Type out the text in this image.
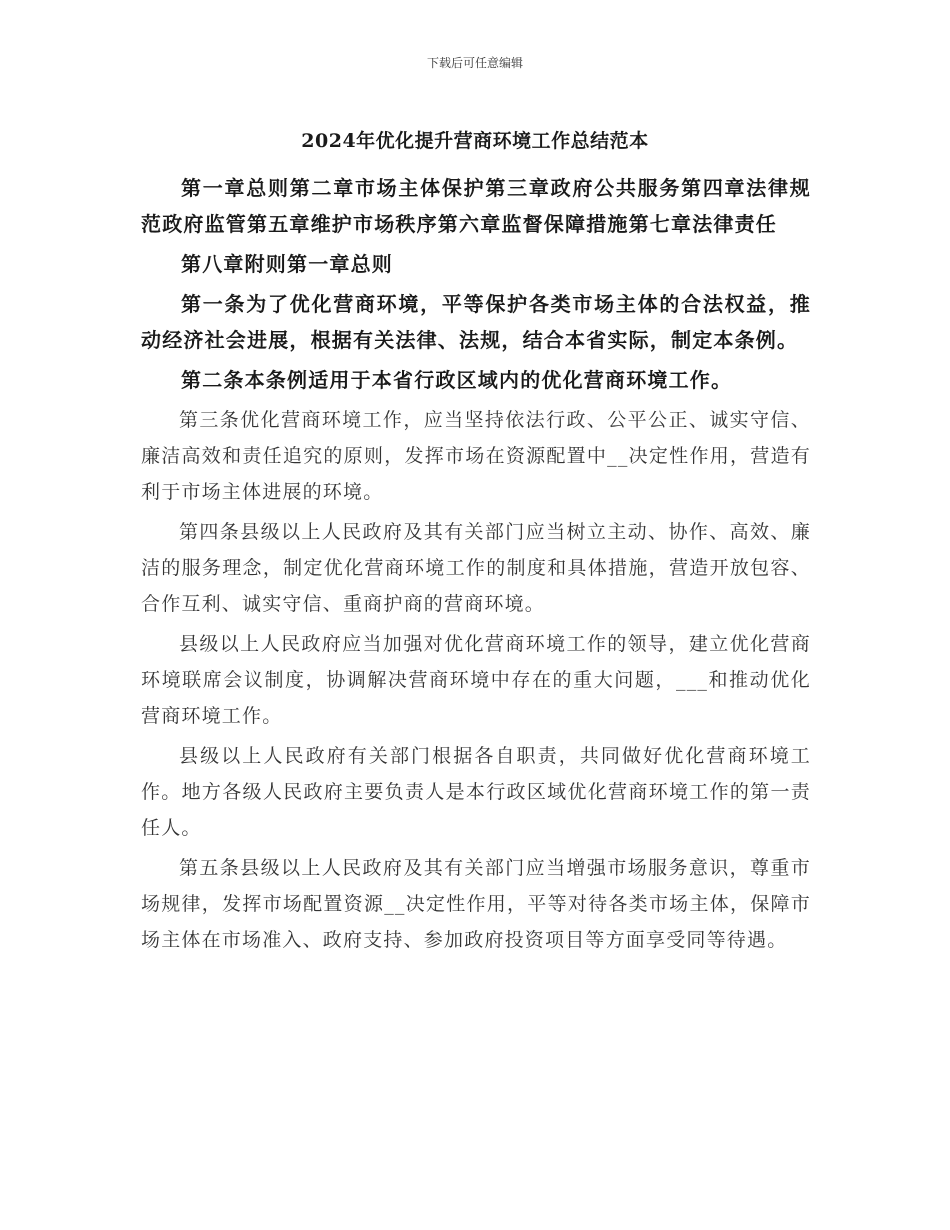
下载后可任意编辑
2024年优化提升营商环境工作总结范本

第一章总则第二章市场主体保护第三章政府公共服务第四章法律规范政府监管第五章维护市场秩序第六章监督保障措施第七章法律责任

第八章附则第一章总则

第一条为了优化营商环境，平等保护各类市场主体的合法权益，推动经济社会进展，根据有关法律、法规，结合本省实际，制定本条例。

第二条本条例适用于本省行政区域内的优化营商环境工作。

第三条优化营商环境工作，应当坚持依法行政、公平公正、诚实守信、廉洁高效和责任追究的原则，发挥市场在资源配置中__决定性作用，营造有利于市场主体进展的环境。

第四条县级以上人民政府及其有关部门应当树立主动、协作、高效、廉洁的服务理念，制定优化营商环境工作的制度和具体措施，营造开放包容、合作互利、诚实守信、重商护商的营商环境。

县级以上人民政府应当加强对优化营商环境工作的领导，建立优化营商环境联席会议制度，协调解决营商环境中存在的重大问题，___和推动优化营商环境工作。

县级以上人民政府有关部门根据各自职责，共同做好优化营商环境工作。地方各级人民政府主要负责人是本行政区域优化营商环境工作的第一责任人。

第五条县级以上人民政府及其有关部门应当增强市场服务意识，尊重市场规律，发挥市场配置资源__决定性作用，平等对待各类市场主体，保障市场主体在市场准入、政府支持、参加政府投资项目等方面享受同等待遇。
